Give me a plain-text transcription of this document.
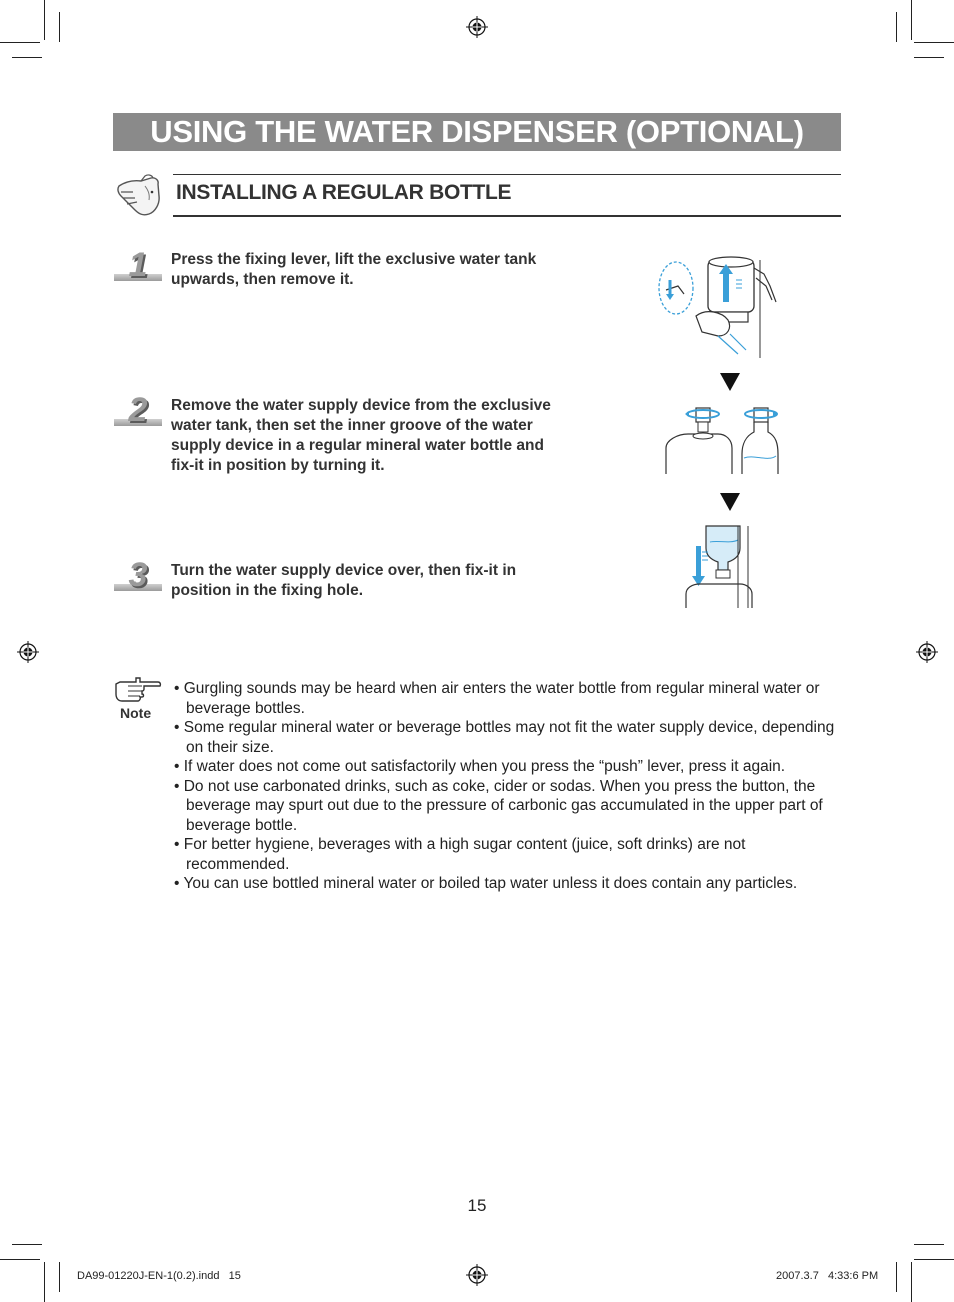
USING THE WATER DISPENSER (OPTIONAL)
INSTALLING A REGULAR BOTTLE
1	Press the fixing lever, lift the exclusive water tank upwards, then remove it.
2	Remove the water supply device from the exclusive water tank, then set the inner groove of the water supply device in a regular mineral water bottle and fix-it in position by turning it.
3	Turn the water supply device over, then fix-it in position in the fixing hole.
Note
• Gurgling sounds may be heard when air enters the water bottle from regular mineral water or beverage bottles.
• Some regular mineral water or beverage bottles may not fit the water supply device, depending on their size.
• If water does not come out satisfactorily when you press the “push” lever, press it again.
• Do not use carbonated drinks, such as coke, cider or sodas. When you press the button, the beverage may spurt out due to the pressure of carbonic gas accumulated in the upper part of beverage bottle.
• For better hygiene, beverages with a high sugar content (juice, soft drinks) are not recommended.
• You can use bottled mineral water or boiled tap water unless it does contain any particles.
15
DA99-01220J-EN-1(0.2).indd   15	2007.3.7   4:33:6 PM
